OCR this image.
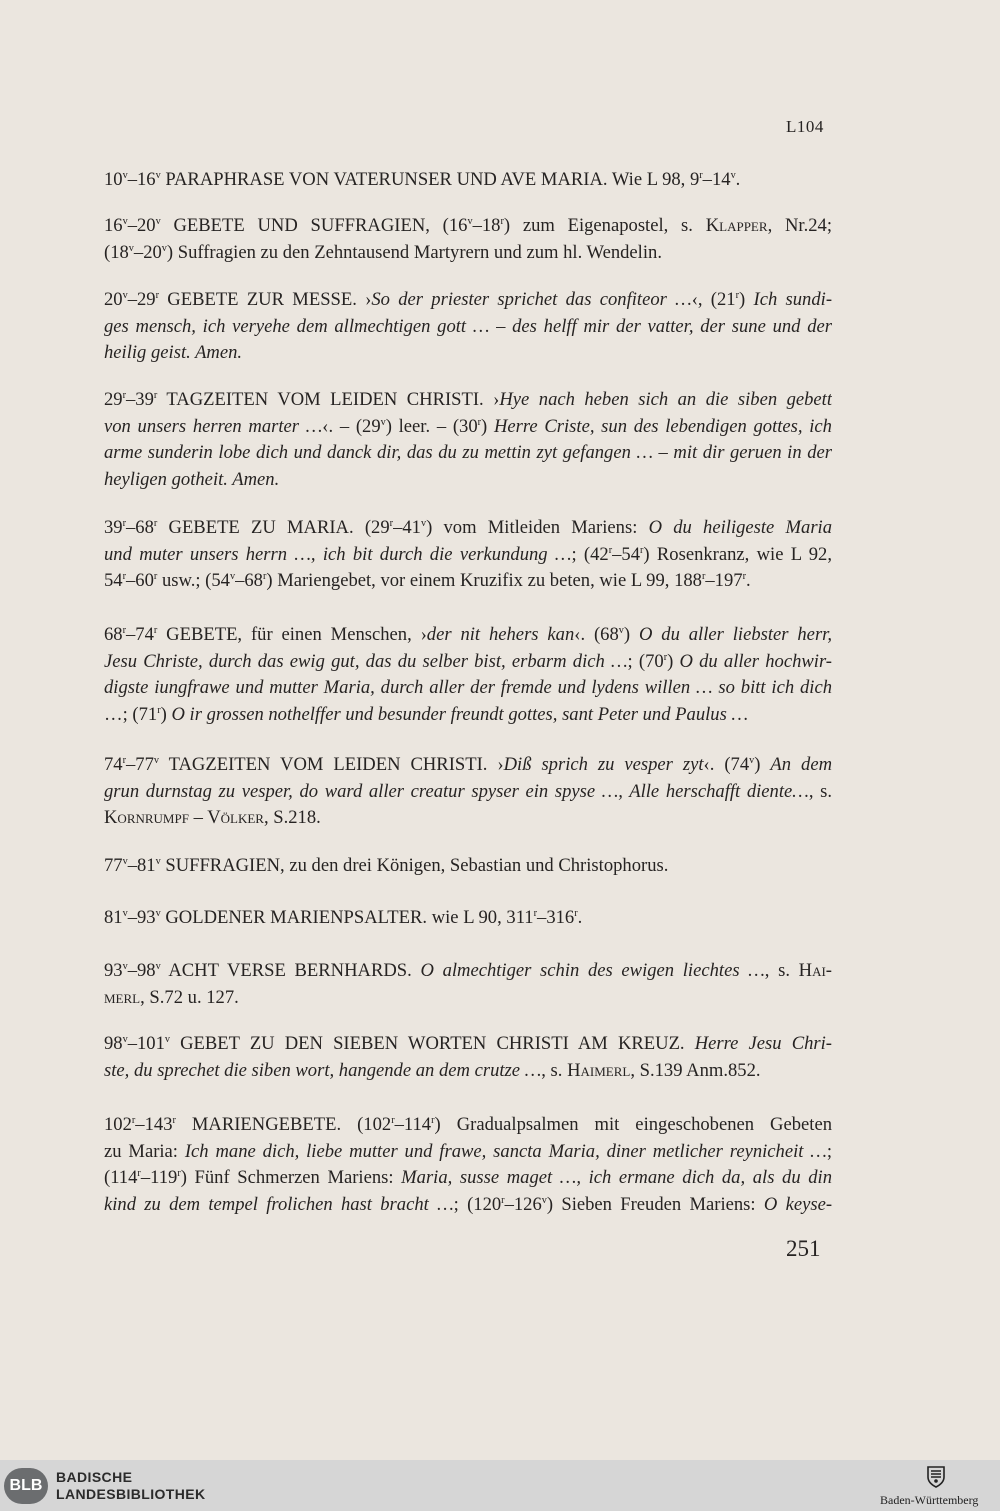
L104
10$^v$–16$^v$ PARAPHRASE VON VATERUNSER UND AVE MARIA. Wie L 98, 9$^r$–14$^v$.
16$^v$–20$^v$ GEBETE UND SUFFRAGIEN, (16$^v$–18$^r$) zum Eigenapostel, s. Klapper, Nr.24;
(18$^v$–20$^v$) Suffragien zu den Zehntausend Martyrern und zum hl. Wendelin.
20$^v$–29$^r$ GEBETE ZUR MESSE. ›So der priester sprichet das confiteor …‹, (21$^r$) Ich sundi-
ges mensch, ich veryehe dem allmechtigen gott … – des helff mir der vatter, der sune und der
heilig geist. Amen.
29$^r$–39$^r$ TAGZEITEN VOM LEIDEN CHRISTI. ›Hye nach heben sich an die siben gebett
von unsers herren marter …‹. – (29$^v$) leer. – (30$^r$) Herre Criste, sun des lebendigen gottes, ich
arme sunderin lobe dich und danck dir, das du zu mettin zyt gefangen … – mit dir geruen in der
heyligen gotheit. Amen.
39$^r$–68$^r$ GEBETE ZU MARIA. (29$^r$–41$^v$) vom Mitleiden Mariens: O du heiligeste Maria
und muter unsers herrn …, ich bit durch die verkundung …; (42$^r$–54$^r$) Rosenkranz, wie L 92,
54$^r$–60$^r$ usw.; (54$^v$–68$^r$) Mariengebet, vor einem Kruzifix zu beten, wie L 99, 188$^r$–197$^r$.
68$^r$–74$^r$ GEBETE, für einen Menschen, ›der nit hehers kan‹. (68$^v$) O du aller liebster herr,
Jesu Christe, durch das ewig gut, das du selber bist, erbarm dich …; (70$^r$) O du aller hochwir-
digste iungfrawe und mutter Maria, durch aller der fremde und lydens willen … so bitt ich dich
…; (71$^r$) O ir grossen nothelffer und besunder freundt gottes, sant Peter und Paulus …
74$^r$–77$^v$ TAGZEITEN VOM LEIDEN CHRISTI. ›Diß sprich zu vesper zyt‹. (74$^v$) An dem
grun durnstag zu vesper, do ward aller creatur spyser ein spyse …, Alle herschafft diente…, s.
Kornrumpf – Völker, S.218.
77$^v$–81$^v$ SUFFRAGIEN, zu den drei Königen, Sebastian und Christophorus.
81$^v$–93$^v$ GOLDENER MARIENPSALTER. wie L 90, 311$^r$–316$^r$.
93$^v$–98$^v$ ACHT VERSE BERNHARDS. O almechtiger schin des ewigen liechtes …, s. Hai-
merl, S.72 u. 127.
98$^v$–101$^v$ GEBET ZU DEN SIEBEN WORTEN CHRISTI AM KREUZ. Herre Jesu Chri-
ste, du sprechet die siben wort, hangende an dem crutze …, s. Haimerl, S.139 Anm.852.
102$^r$–143$^r$ MARIENGEBETE. (102$^r$–114$^r$) Gradualpsalmen mit eingeschobenen Gebeten
zu Maria: Ich mane dich, liebe mutter und frawe, sancta Maria, diner metlicher reynicheit …;
(114$^r$–119$^r$) Fünf Schmerzen Mariens: Maria, susse maget …, ich ermane dich da, als du din
kind zu dem tempel frolichen hast bracht …; (120$^r$–126$^v$) Sieben Freuden Mariens: O keyse-
251
BLB BADISCHE
LANDESBIBLIOTHEK	Baden-Württemberg
